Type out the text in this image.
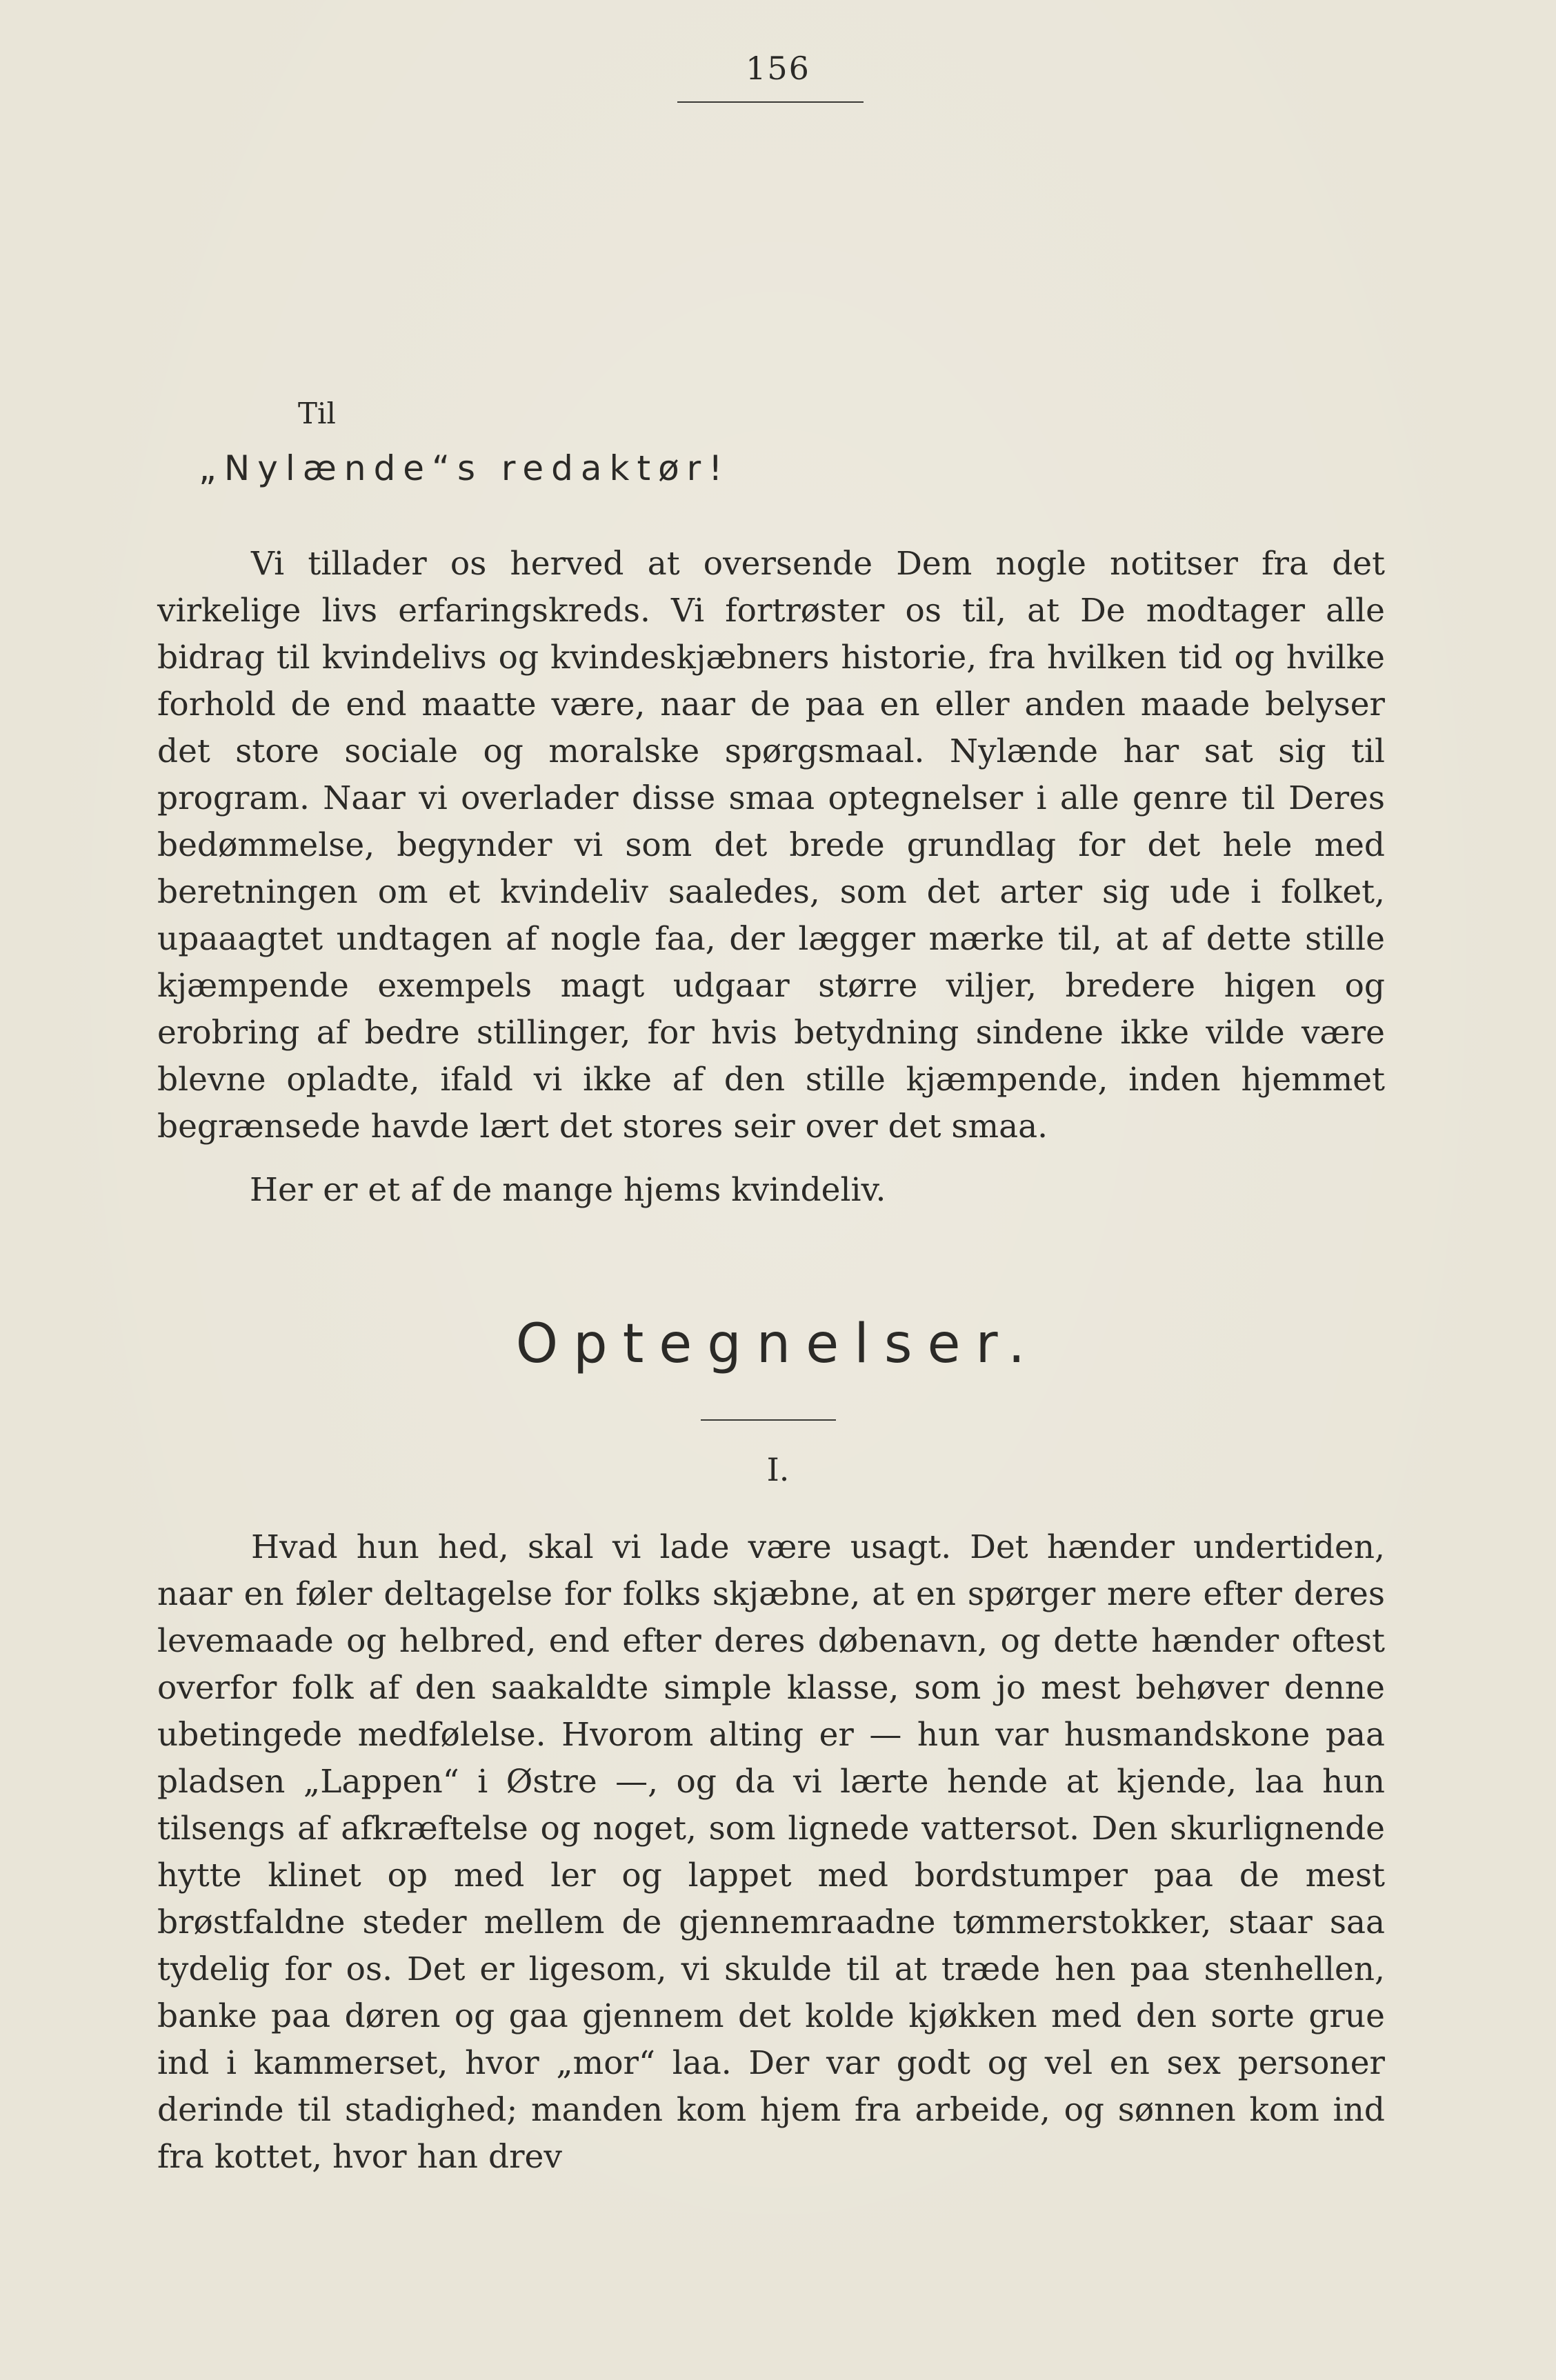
156
Til
„Nylænde“s redaktør!

Vi tillader os herved at oversende Dem nogle notitser fra det virkelige livs erfaringskreds. Vi fortrøster os til, at De modtager alle bidrag til kvindelivs og kvindeskjæbners historie, fra hvilken tid og hvilke forhold de end maatte være, naar de paa en eller anden maade belyser det store sociale og moralske spørgsmaal. Nylænde har sat sig til program. Naar vi overlader disse smaa optegnelser i alle genre til Deres bedømmelse, begynder vi som det brede grundlag for det hele med beretningen om et kvindeliv saaledes, som det arter sig ude i folket, upaaagtet undtagen af nogle faa, der lægger mærke til, at af dette stille kjæmpende exempels magt udgaar større viljer, bredere higen og erobring af bedre stillinger, for hvis betydning sindene ikke vilde være blevne opladte, ifald vi ikke af den stille kjæmpende, inden hjemmet begrænsede havde lært det stores seir over det smaa.

Her er et af de mange hjems kvindeliv.
Optegnelser.
I.

Hvad hun hed, skal vi lade være usagt. Det hænder undertiden, naar en føler deltagelse for folks skjæbne, at en spørger mere efter deres levemaade og helbred, end efter deres døbenavn, og dette hænder oftest overfor folk af den saakaldte simple klasse, som jo mest behøver denne ubetingede medfølelse. Hvorom alting er — hun var husmandskone paa pladsen „Lappen“ i Østre —, og da vi lærte hende at kjende, laa hun tilsengs af afkræftelse og noget, som lignede vattersot. Den skurlignende hytte klinet op med ler og lappet med bordstumper paa de mest brøstfaldne steder mellem de gjennemraadne tømmerstokker, staar saa tydelig for os. Det er ligesom, vi skulde til at træde hen paa stenhellen, banke paa døren og gaa gjennem det kolde kjøkken med den sorte grue ind i kammerset, hvor „mor“ laa. Der var godt og vel en sex personer derinde til stadighed; manden kom hjem fra arbeide, og sønnen kom ind fra kottet, hvor han drev
